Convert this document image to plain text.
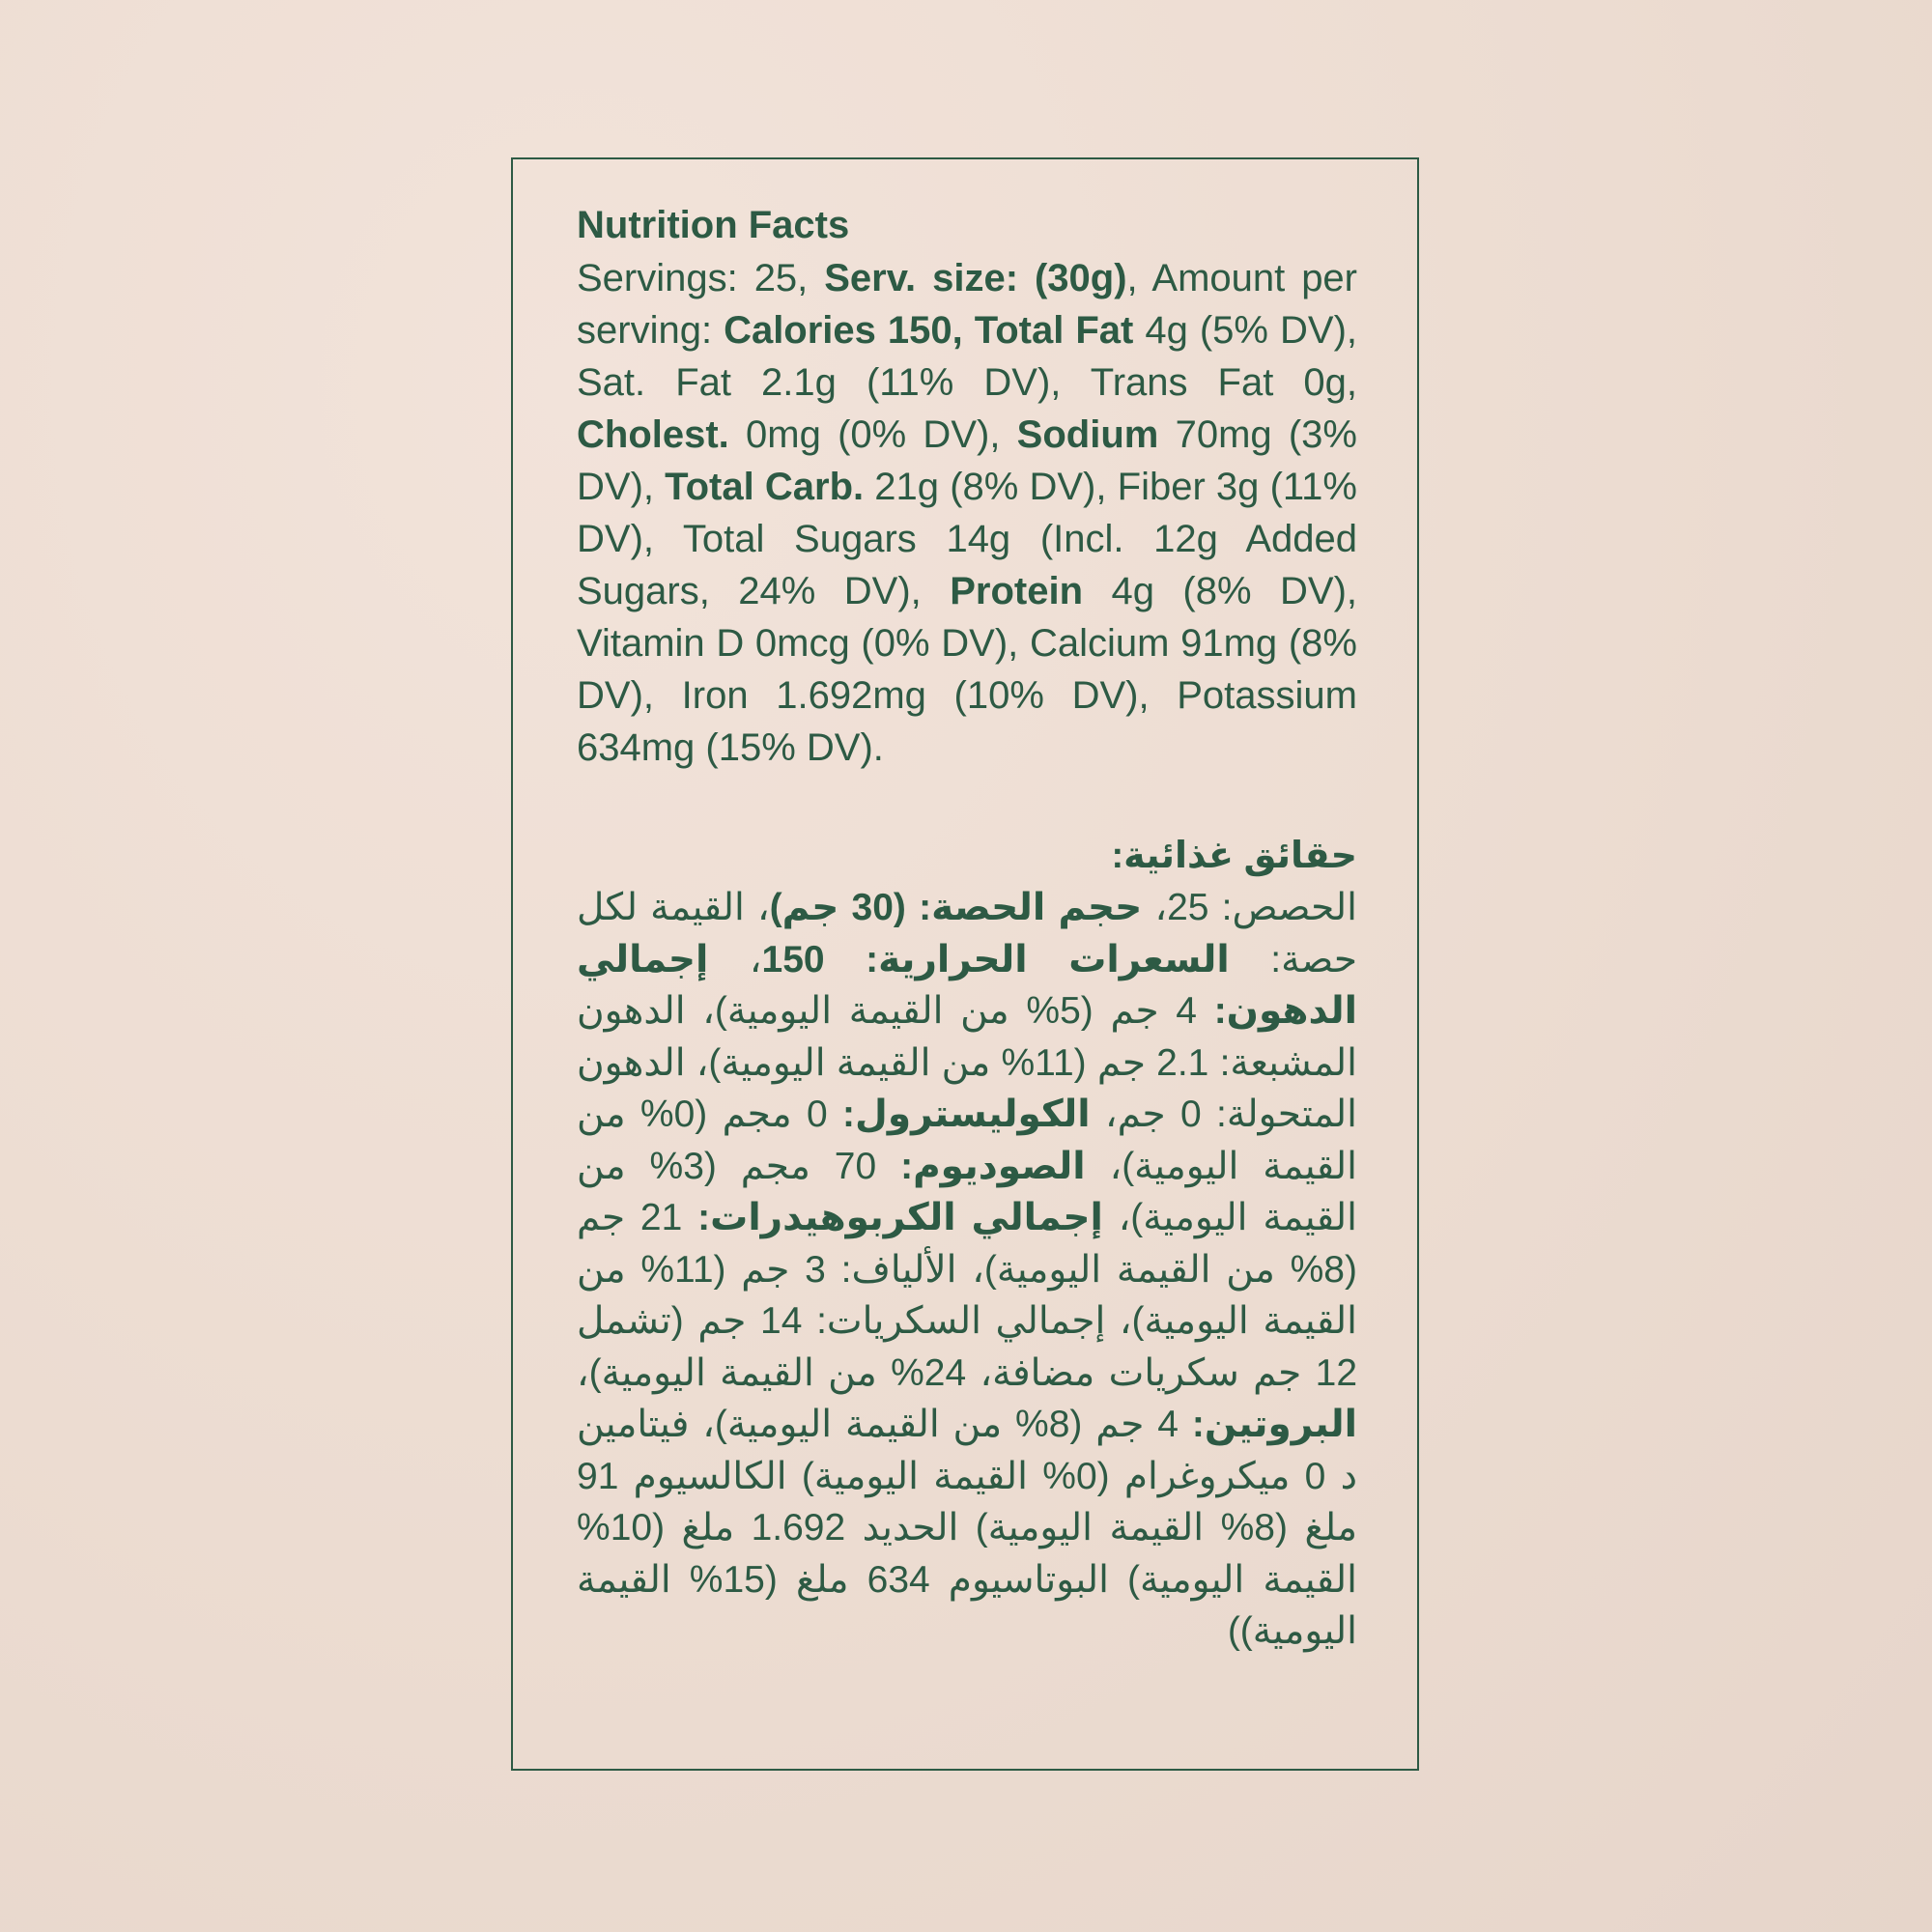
Nutrition Facts

Servings: 25, Serv. size: (30g), Amount per serving: Calories 150, Total Fat 4g (5% DV), Sat. Fat 2.1g (11% DV), Trans Fat 0g, Cholest. 0mg (0% DV), Sodium 70mg (3% DV), Total Carb. 21g (8% DV), Fiber 3g (11% DV), Total Sugars 14g (Incl. 12g Added Sugars, 24% DV), Protein 4g (8% DV), Vitamin D 0mcg (0% DV), Calcium 91mg (8% DV), Iron 1.692mg (10% DV), Potassium 634mg (15% DV).

حقائق غذائية:

الحصص: 25، حجم الحصة: (30 جم)، القيمة لكل حصة: السعرات الحرارية: 150، إجمالي الدهون: 4 جم (5% من القيمة اليومية)، الدهون المشبعة: 2.1 جم (11% من القيمة اليومية)، الدهون المتحولة: 0 جم، الكوليسترول: 0 مجم (0% من القيمة اليومية)، الصوديوم: 70 مجم (3% من القيمة اليومية)، إجمالي الكربوهيدرات: 21 جم (8% من القيمة اليومية)، الألياف: 3 جم (11% من القيمة اليومية)، إجمالي السكريات: 14 جم (تشمل 12 جم سكريات مضافة، 24% من القيمة اليومية)، البروتين: 4 جم (8% من القيمة اليومية)، فيتامين د 0 ميكروغرام (0% القيمة اليومية) الكالسيوم 91 ملغ (8% القيمة اليومية) الحديد 1.692 ملغ (10% القيمة اليومية) البوتاسيوم 634 ملغ (15% القيمة اليومية))
